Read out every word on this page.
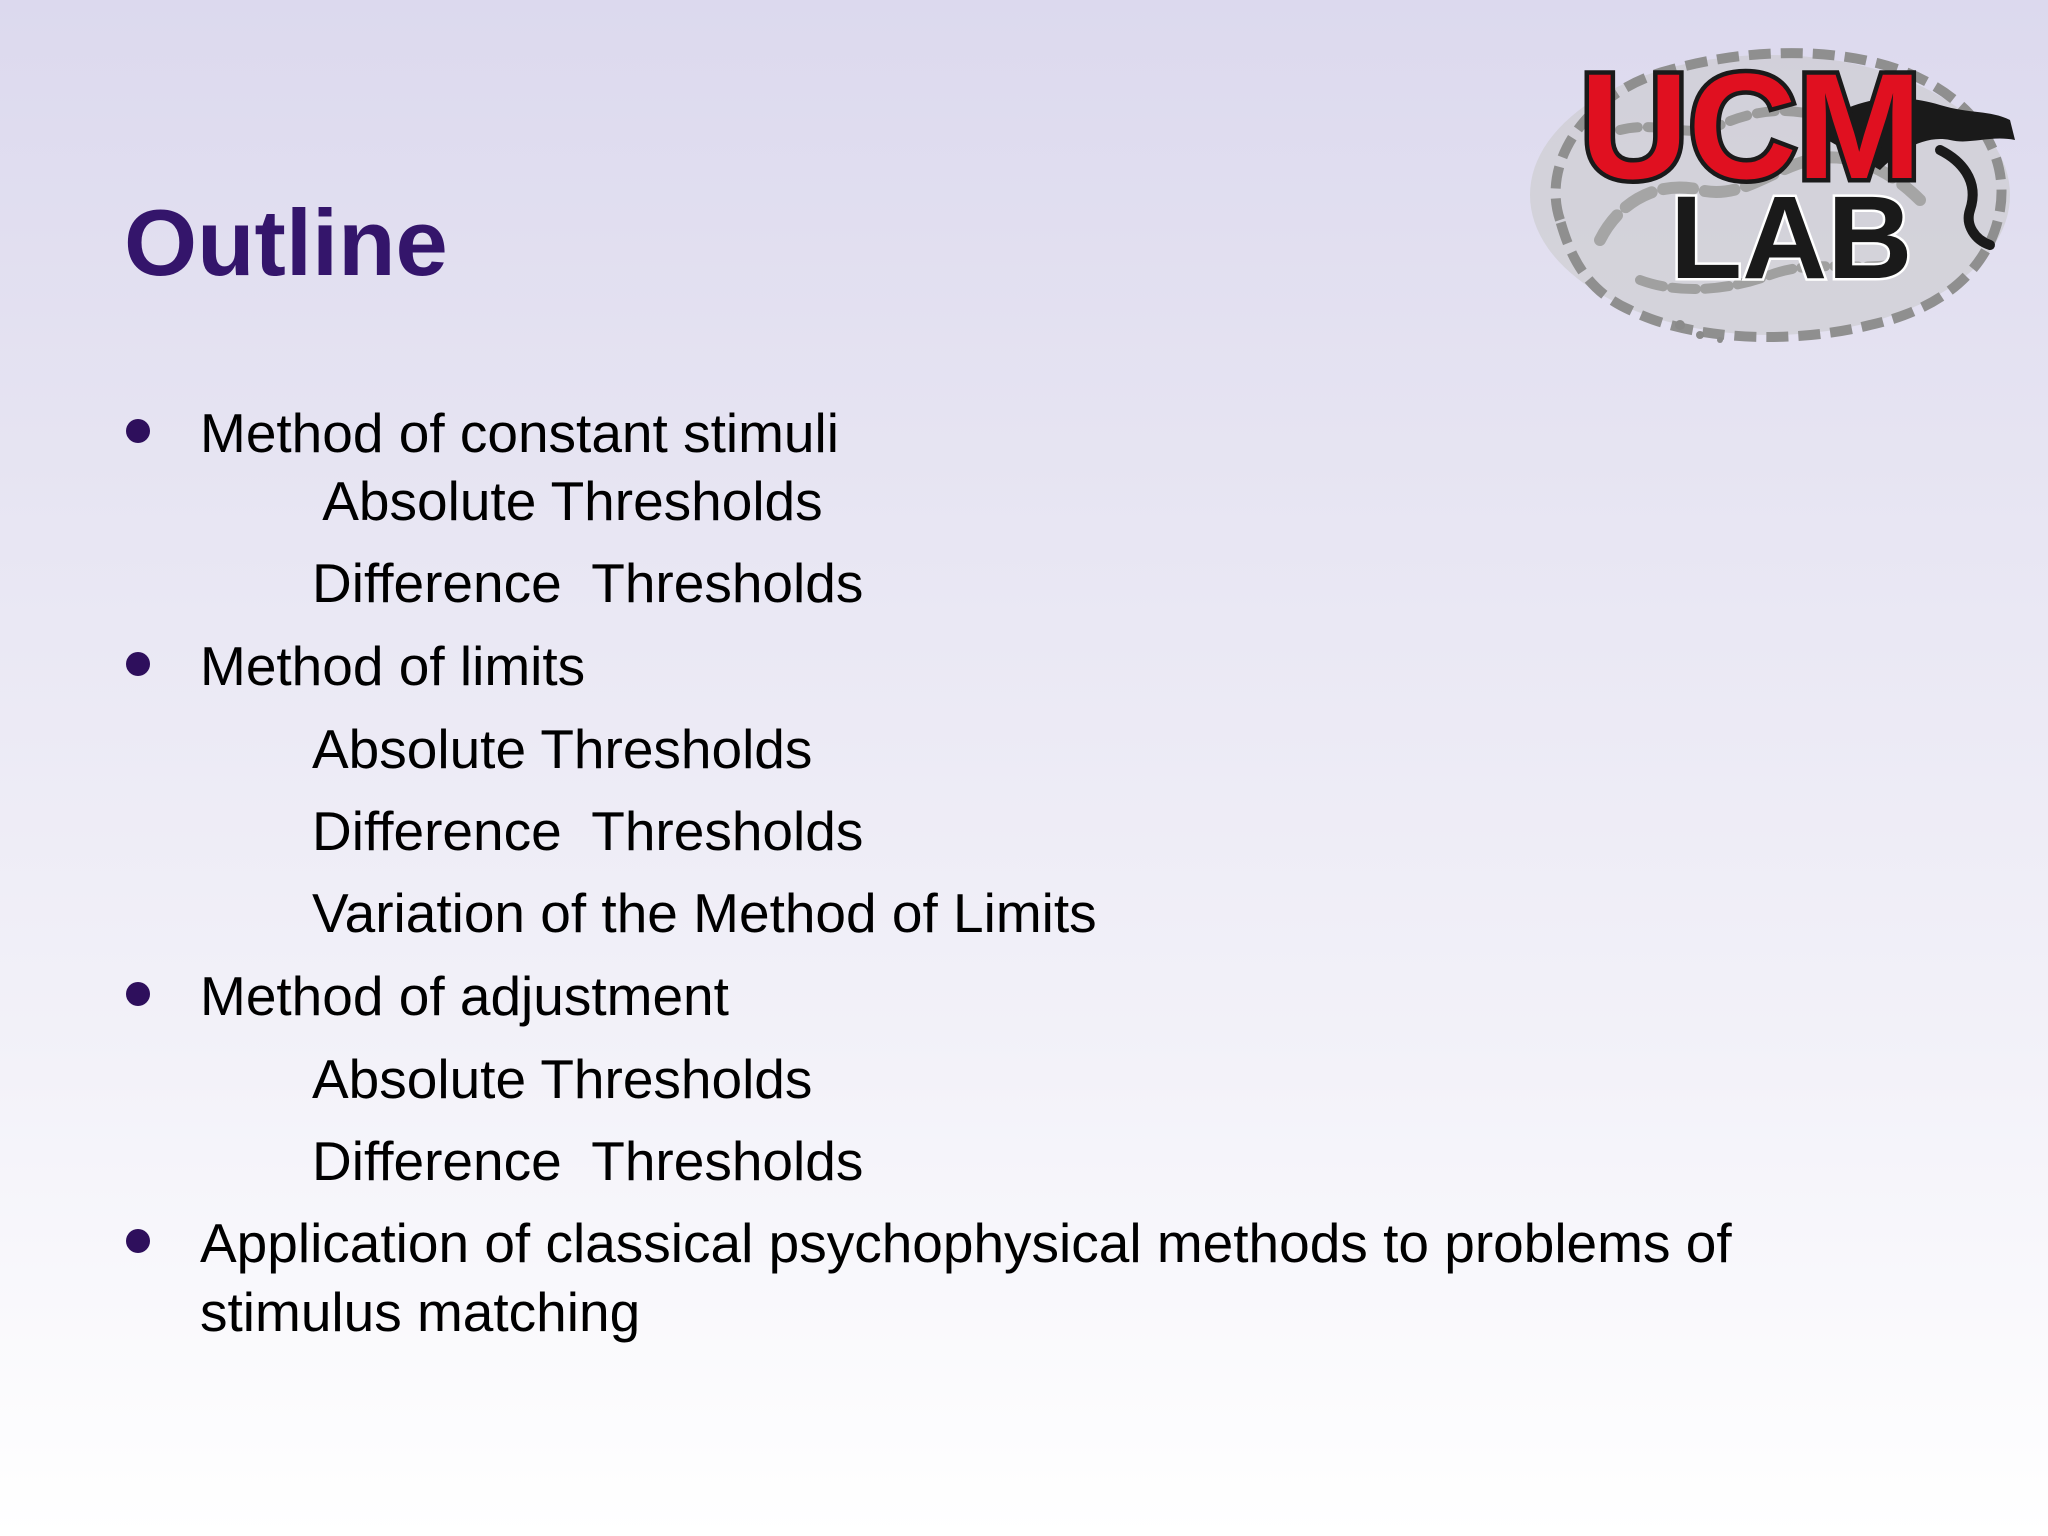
Outline
UCM
LAB
Method of constant stimuli
Absolute Thresholds
Difference  Thresholds
Method of limits
Absolute Thresholds
Difference  Thresholds
Variation of the Method of Limits
Method of adjustment
Absolute Thresholds
Difference  Thresholds
Application of classical psychophysical methods to problems of
stimulus matching
